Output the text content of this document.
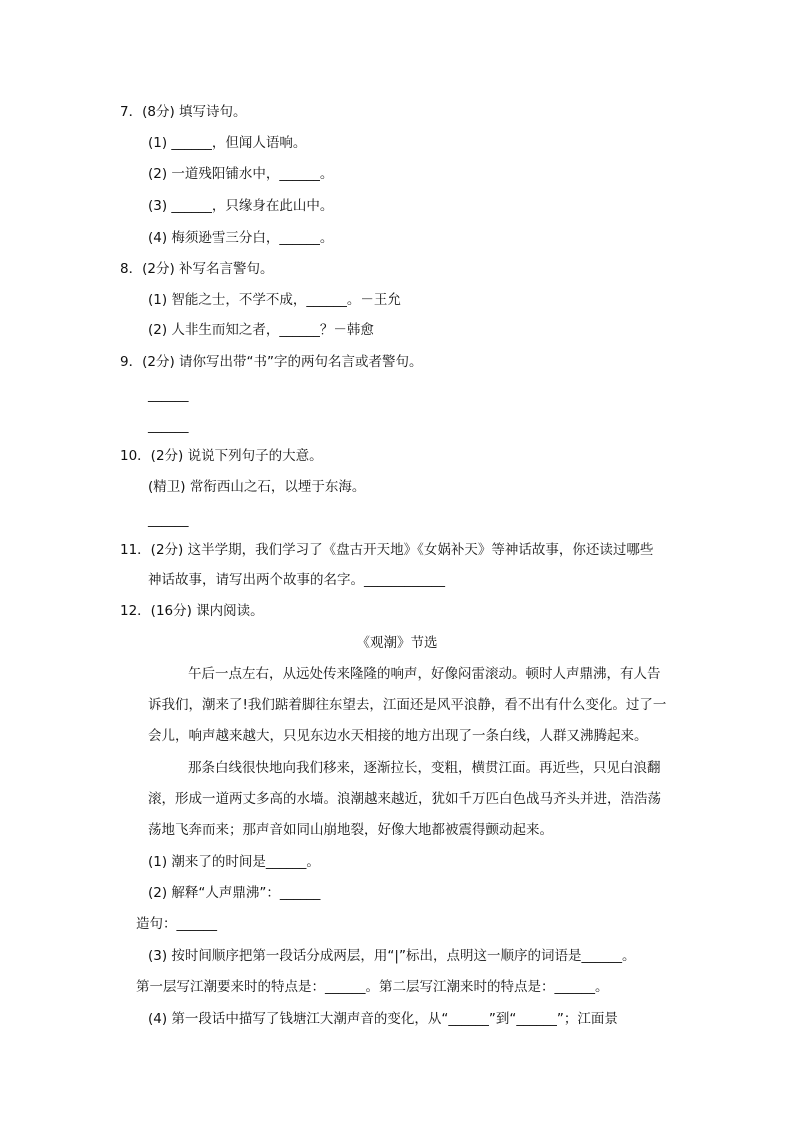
7．(8分) 填写诗句。
(1) ______，但闻人语响。
(2) 一道残阳铺水中，______。
(3) ______，只缘身在此山中。
(4) 梅须逊雪三分白，______。
8．(2分) 补写名言警句。
(1) 智能之士，不学不成，______。－王允
(2) 人非生而知之者，______？－韩愈
9．(2分) 请你写出带“书”字的两句名言或者警句。
______
______
10．(2分) 说说下列句子的大意。
(精卫) 常衔西山之石，以堙于东海。
______
11．(2分) 这半学期，我们学习了《盘古开天地》《女娲补天》等神话故事，你还读过哪些
神话故事，请写出两个故事的名字。____________
12．(16分) 课内阅读。
《观潮》节选
午后一点左右，从远处传来隆隆的响声，好像闷雷滚动。顿时人声鼎沸，有人告
诉我们，潮来了!我们踮着脚往东望去，江面还是风平浪静，看不出有什么变化。过了一
会儿，响声越来越大，只见东边水天相接的地方出现了一条白线，人群又沸腾起来。
那条白线很快地向我们移来，逐渐拉长，变粗，横贯江面。再近些，只见白浪翻
滚，形成一道两丈多高的水墙。浪潮越来越近，犹如千万匹白色战马齐头并进，浩浩荡
荡地飞奔而来；那声音如同山崩地裂，好像大地都被震得颤动起来。
(1) 潮来了的时间是______。
(2) 解释“人声鼎沸”：______
造句：______
(3) 按时间顺序把第一段话分成两层，用“|”标出，点明这一顺序的词语是______。
第一层写江潮要来时的特点是：______。第二层写江潮来时的特点是：______。
(4) 第一段话中描写了钱塘江大潮声音的变化，从“______”到“______”；江面景
